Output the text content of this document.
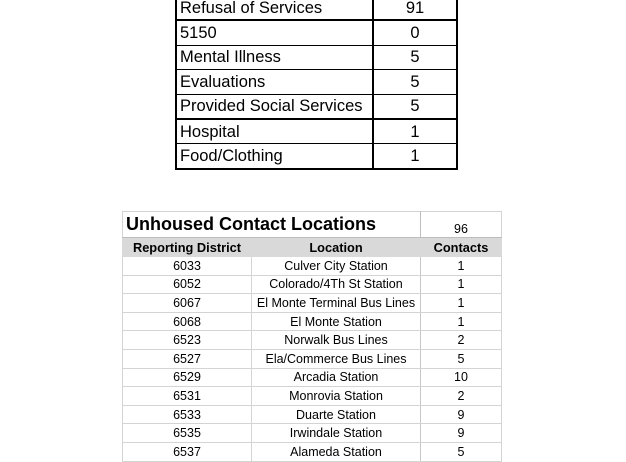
Refusal of Services	91
5150	0
Mental Illness	5
Evaluations	5
Provided Social Services	5
Hospital	1
Food/Clothing	1
Unhoused Contact Locations		96
Reporting District	Location	Contacts
6033	Culver City Station	1
6052	Colorado/4Th St Station	1
6067	El Monte Terminal Bus Lines	1
6068	El Monte Station	1
6523	Norwalk Bus Lines	2
6527	Ela/Commerce Bus Lines	5
6529	Arcadia Station	10
6531	Monrovia Station	2
6533	Duarte Station	9
6535	Irwindale Station	9
6537	Alameda Station	5
